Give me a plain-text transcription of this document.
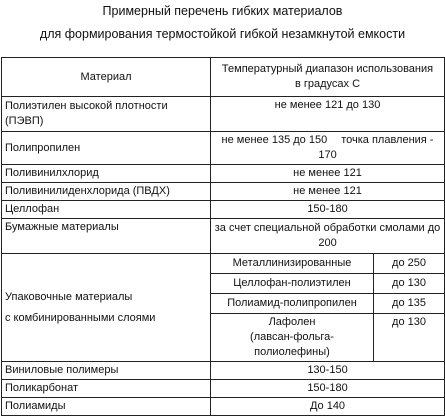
Примерный перечень гибких материалов
для формирования термостойкой гибкой незамкнутой емкости
Материал	Температурный диапазон использования
в градусах С	

Полиэтилен высокой плотности
(ПЭВП)	не менее 121 до 130	
Полипропилен	не менее 135 до 150 точка плавления - 170	
Поливинилхлорид	не менее 121	
Поливинилиденхлорида (ПВДХ)	не менее 121	
Целлофан	150-180	
Бумажные материалы	за счет специальной обработки смолами до
200	

Упаковочные материалы
с комбинированными слоями	Металлинизированные	до 250
	Целлофан-полиэтилен	до 130
	Полиамид-полипропилен	до 135

	Лафолен
(лавсан-фольга-полиолефины)	до 130
Виниловые полимеры	130-150	
Поликарбонат	150-180	
Полиамиды	До 140	
